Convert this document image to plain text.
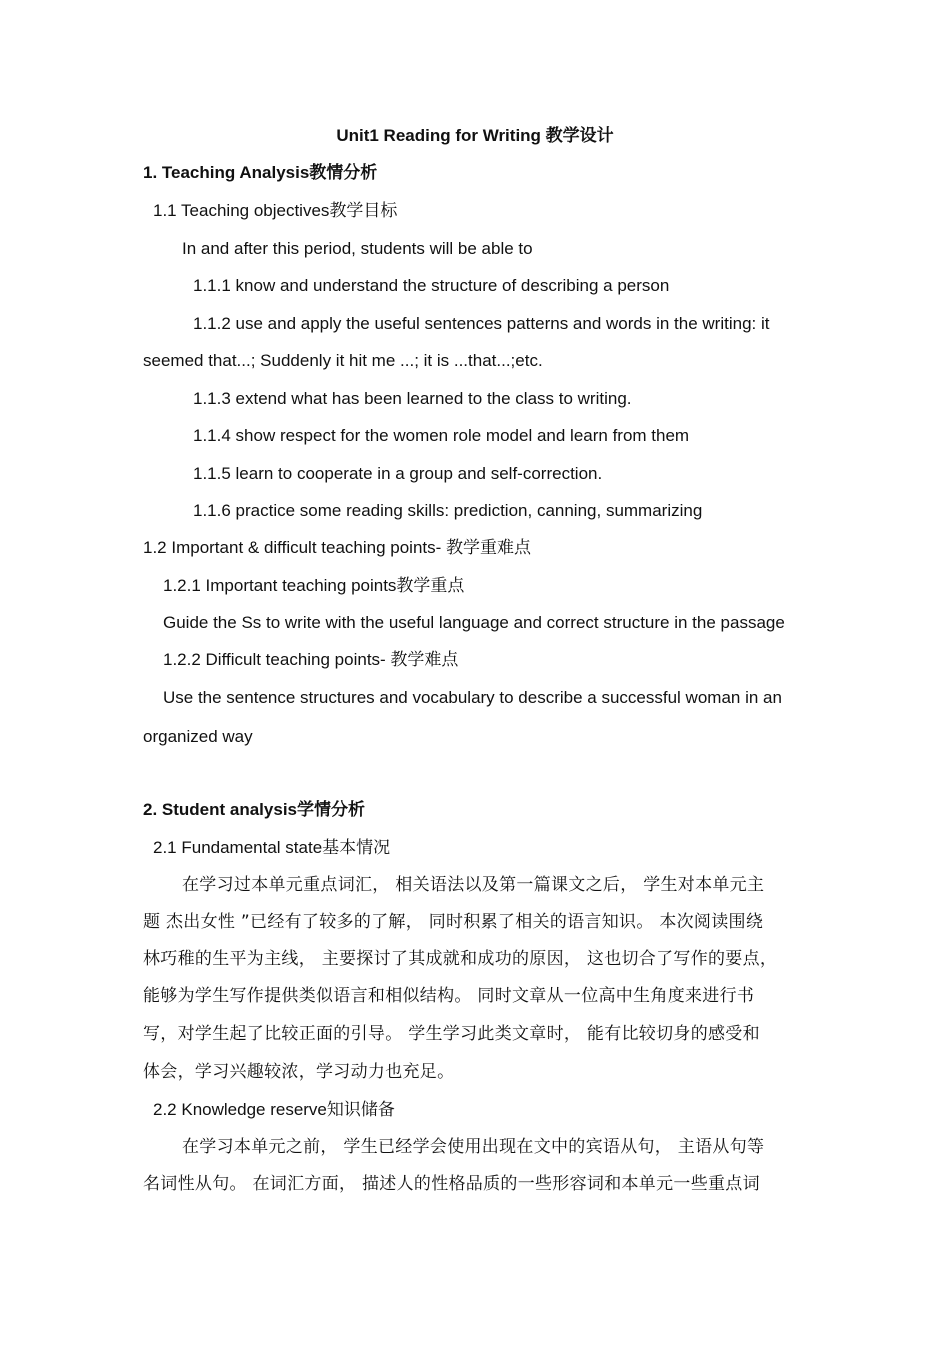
Unit1 Reading for Writing 教学设计
1. Teaching Analysis教情分析
1.1 Teaching objectives教学目标
In and after this period, students will be able to
1.1.1 know and understand the structure of describing a person
1.1.2 use and apply the useful sentences patterns and words in the writing: it
seemed that...; Suddenly it hit me ...; it is ...that...;etc.
1.1.3 extend what has been learned to the class to writing.
1.1.4 show respect for the women role model and learn from them
1.1.5 learn to cooperate in a group and self-correction.
1.1.6 practice some reading skills: prediction, canning, summarizing
1.2 Important & difficult teaching points- 教学重难点
1.2.1 Important teaching points教学重点
Guide the Ss to write with the useful language and correct structure in the passage
1.2.2 Difficult teaching points- 教学难点
Use the sentence structures and vocabulary to describe a successful woman in an
organized way
2. Student analysis学情分析
2.1 Fundamental state基本情况
在学习过本单元重点词汇， 相关语法以及第一篇课文之后， 学生对本单元主
题 杰出女性 ”已经有了较多的了解， 同时积累了相关的语言知识。 本次阅读围绕
林巧稚的生平为主线， 主要探讨了其成就和成功的原因， 这也切合了写作的要点，
能够为学生写作提供类似语言和相似结构。 同时文章从一位高中生角度来进行书
写，对学生起了比较正面的引导。 学生学习此类文章时， 能有比较切身的感受和
体会，学习兴趣较浓，学习动力也充足。
2.2 Knowledge reserve知识储备
在学习本单元之前， 学生已经学会使用出现在文中的宾语从句， 主语从句等
名词性从句。 在词汇方面， 描述人的性格品质的一些形容词和本单元一些重点词
